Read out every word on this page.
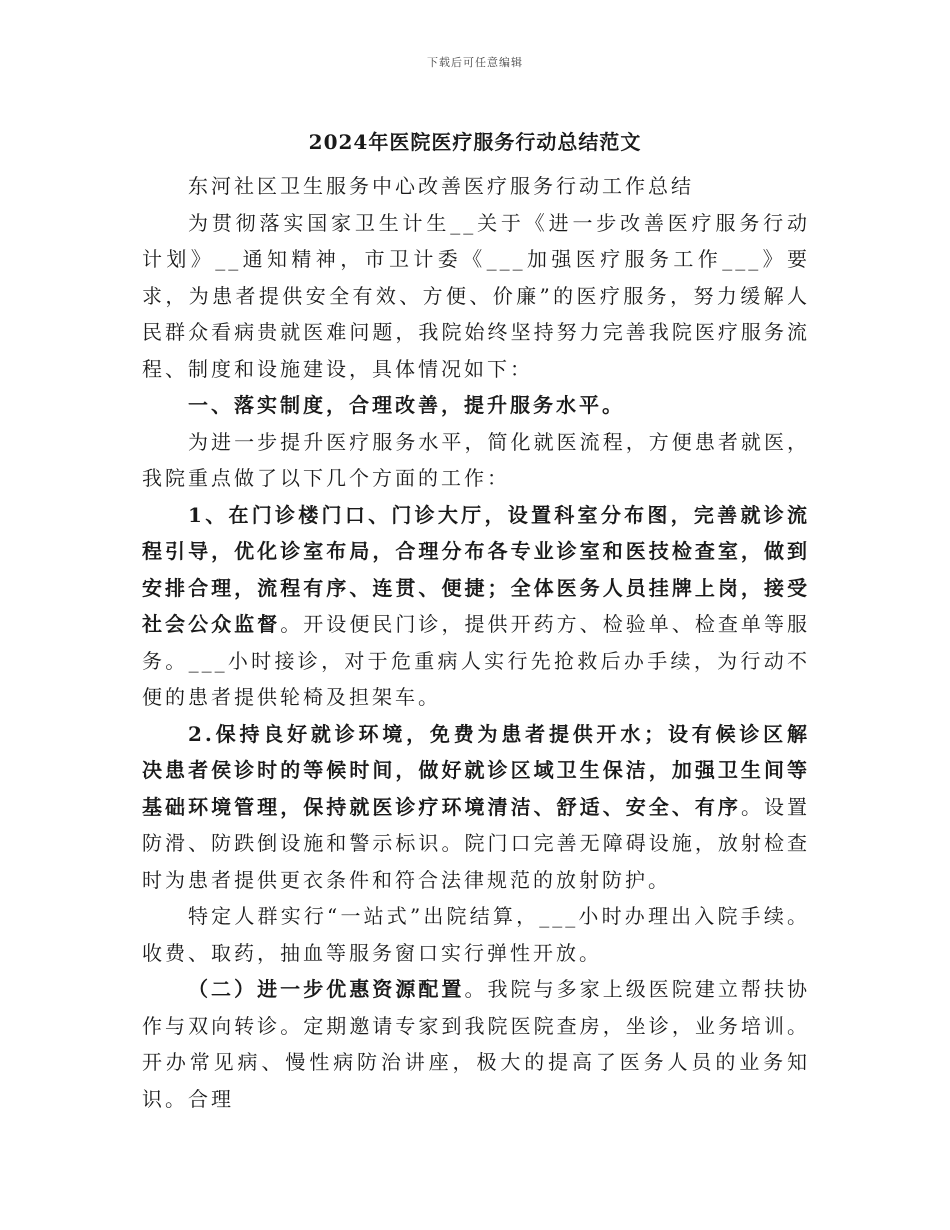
下载后可任意编辑
2024年医院医疗服务行动总结范文

东河社区卫生服务中心改善医疗服务行动工作总结

为贯彻落实国家卫生计生__关于《进一步改善医疗服务行动计划》__通知精神，市卫计委《___加强医疗服务工作___》要求，为患者提供安全有效、方便、价廉”的医疗服务，努力缓解人民群众看病贵就医难问题，我院始终坚持努力完善我院医疗服务流程、制度和设施建设，具体情况如下：

一、落实制度，合理改善，提升服务水平。

为进一步提升医疗服务水平，简化就医流程，方便患者就医，我院重点做了以下几个方面的工作：

1、在门诊楼门口、门诊大厅，设置科室分布图，完善就诊流程引导，优化诊室布局，合理分布各专业诊室和医技检查室，做到安排合理，流程有序、连贯、便捷；全体医务人员挂牌上岗，接受社会公众监督。开设便民门诊，提供开药方、检验单、检查单等服务。___小时接诊，对于危重病人实行先抢救后办手续，为行动不便的患者提供轮椅及担架车。

2.保持良好就诊环境，免费为患者提供开水；设有候诊区解决患者侯诊时的等候时间，做好就诊区域卫生保洁，加强卫生间等基础环境管理，保持就医诊疗环境清洁、舒适、安全、有序。设置防滑、防跌倒设施和警示标识。院门口完善无障碍设施，放射检查时为患者提供更衣条件和符合法律规范的放射防护。

特定人群实行“一站式”出院结算，___小时办理出入院手续。收费、取药，抽血等服务窗口实行弹性开放。

（二）进一步优惠资源配置。我院与多家上级医院建立帮扶协作与双向转诊。定期邀请专家到我院医院查房，坐诊，业务培训。开办常见病、慢性病防治讲座，极大的提高了医务人员的业务知识。合理
